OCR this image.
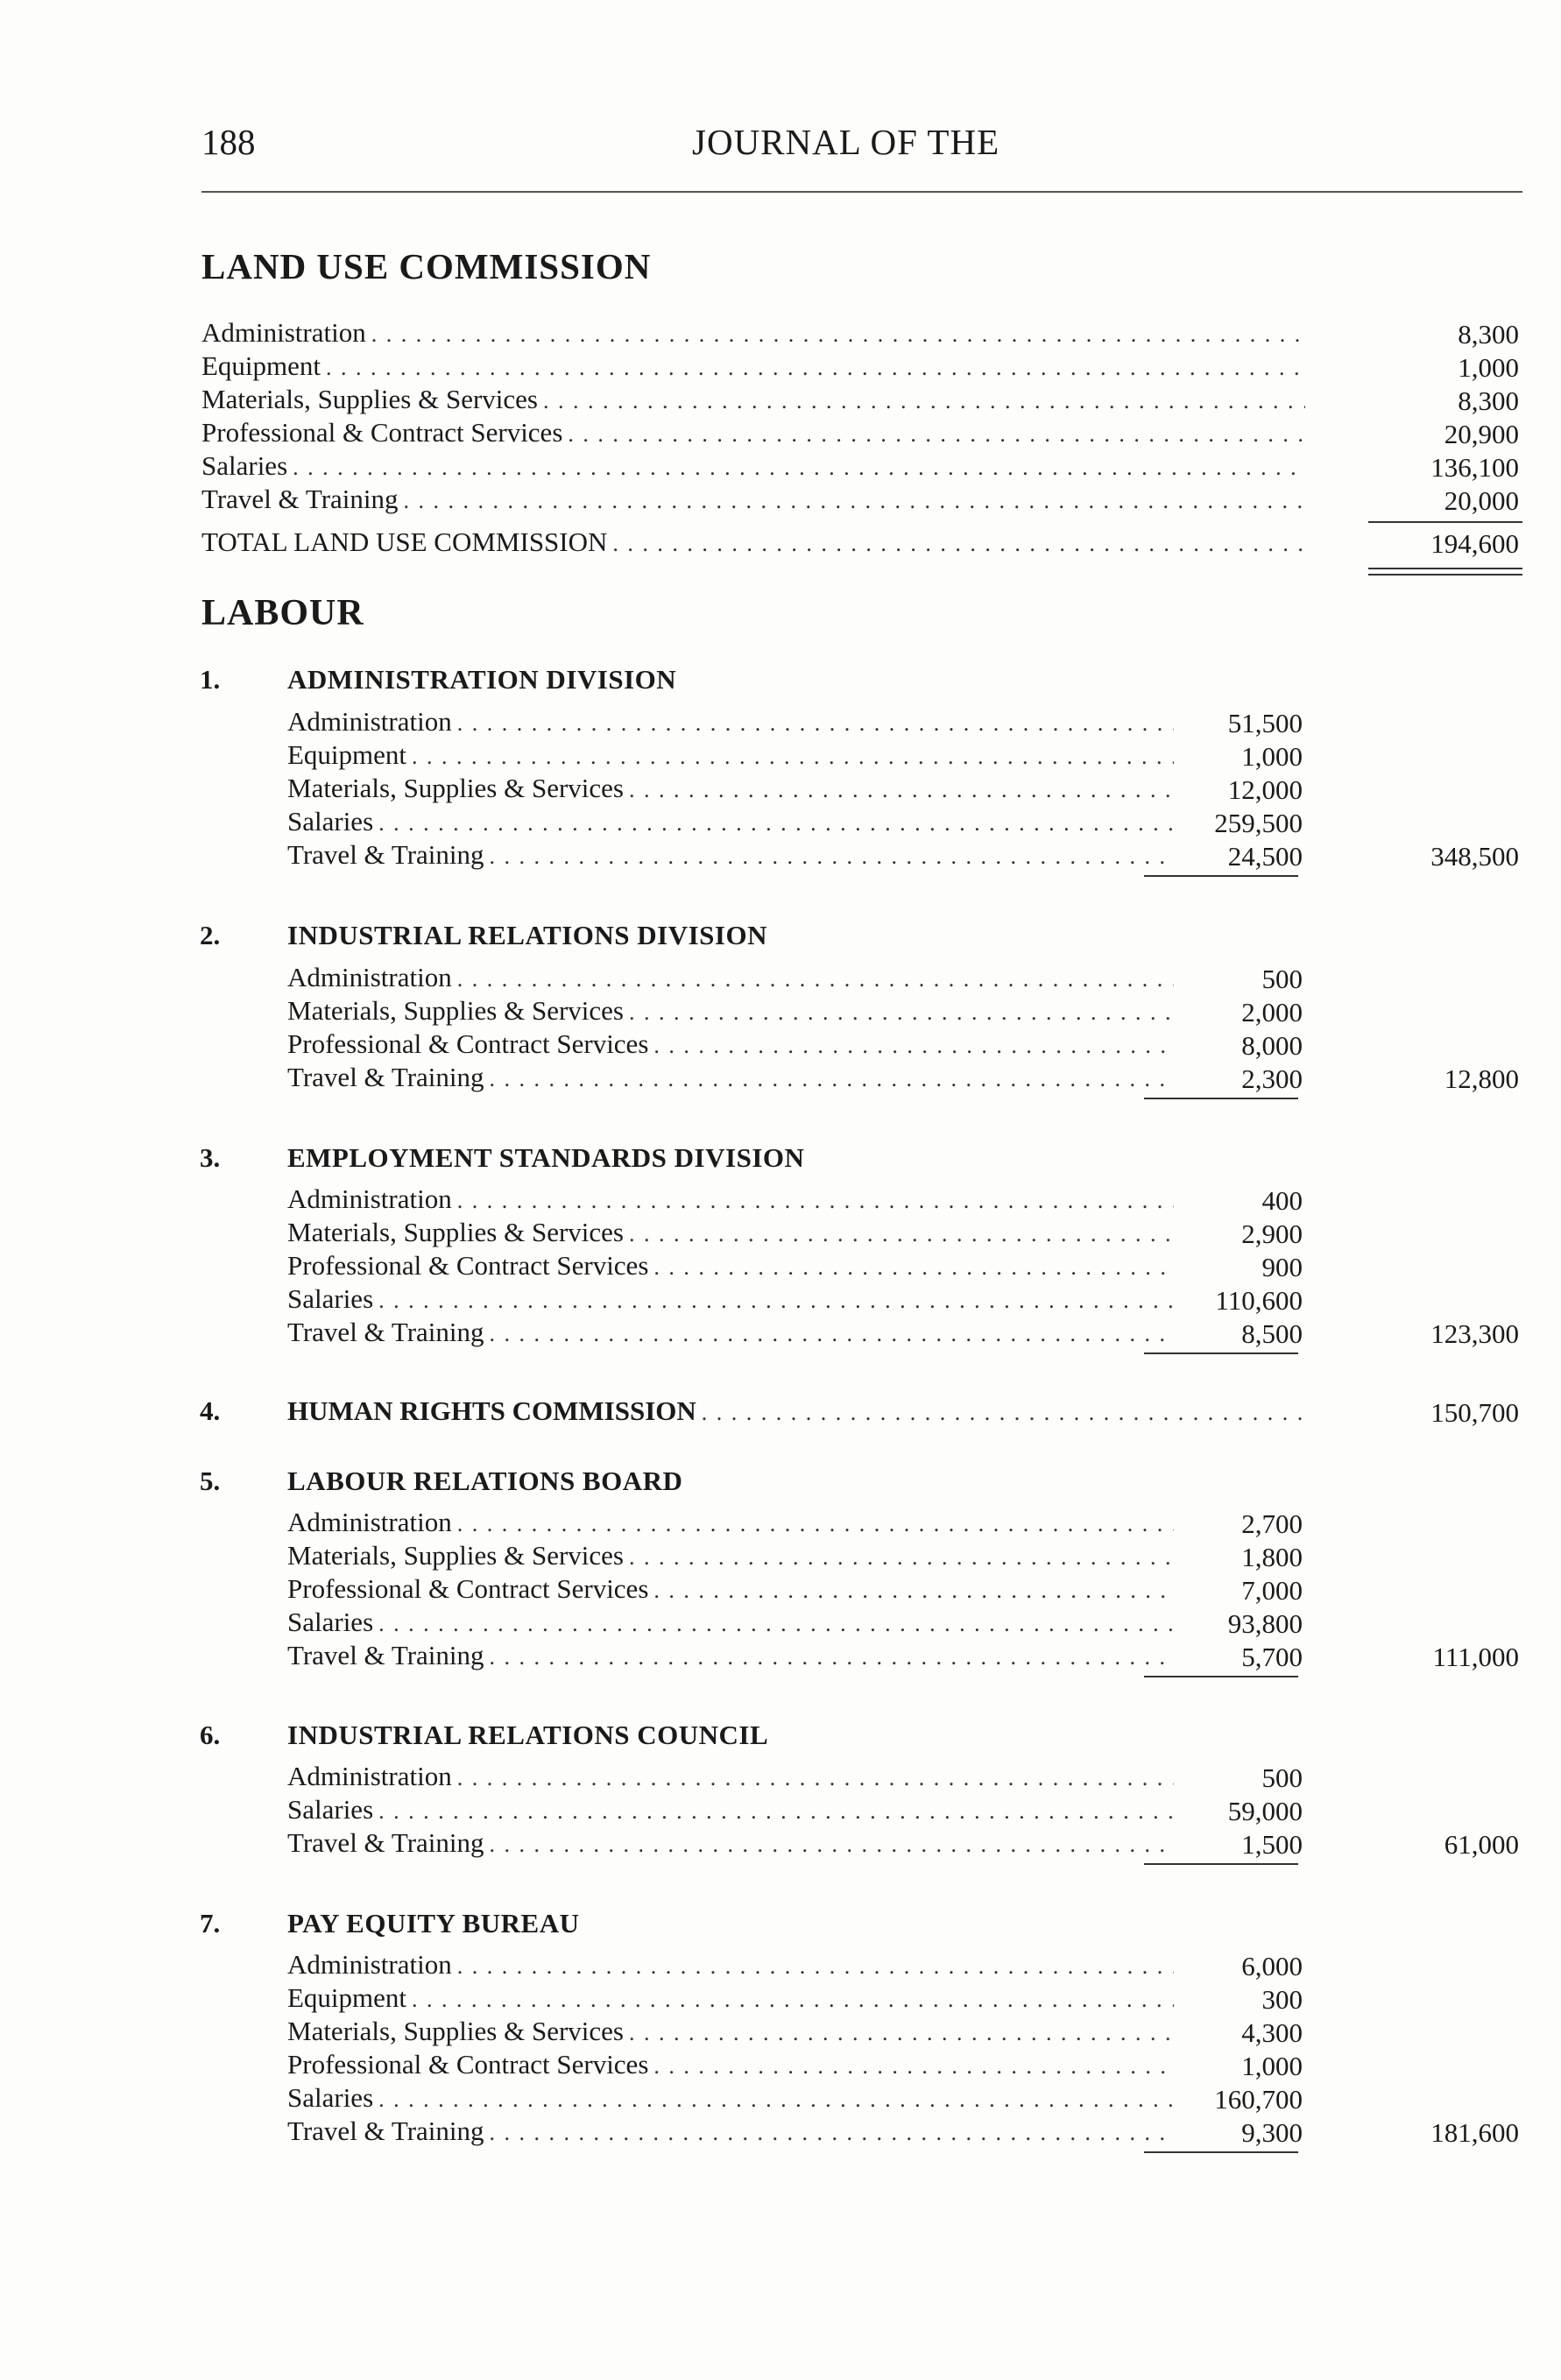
188	JOURNAL OF THE
LAND USE COMMISSION
Administration . . .	8,300
Equipment . . .	1,000
Materials, Supplies & Services . . .	8,300
Professional & Contract Services . . .	20,900
Salaries . . .	136,100
Travel & Training . . .	20,000
TOTAL LAND USE COMMISSION . . .	194,600
LABOUR
1. ADMINISTRATION DIVISION
Administration . . .	51,500
Equipment . . .	1,000
Materials, Supplies & Services . . .	12,000
Salaries . . .	259,500
Travel & Training . . .	24,500	348,500
2. INDUSTRIAL RELATIONS DIVISION
Administration . . .	500
Materials, Supplies & Services . . .	2,000
Professional & Contract Services . . .	8,000
Travel & Training . . .	2,300	12,800
3. EMPLOYMENT STANDARDS DIVISION
Administration . . .	400
Materials, Supplies & Services . . .	2,900
Professional & Contract Services . . .	900
Salaries . . .	110,600
Travel & Training . . .	8,500	123,300
4. HUMAN RIGHTS COMMISSION . . .	150,700
5. LABOUR RELATIONS BOARD
Administration . . .	2,700
Materials, Supplies & Services . . .	1,800
Professional & Contract Services . . .	7,000
Salaries . . .	93,800
Travel & Training . . .	5,700	111,000
6. INDUSTRIAL RELATIONS COUNCIL
Administration . . .	500
Salaries . . .	59,000
Travel & Training . . .	1,500	61,000
7. PAY EQUITY BUREAU
Administration . . .	6,000
Equipment . . .	300
Materials, Supplies & Services . . .	4,300
Professional & Contract Services . . .	1,000
Salaries . . .	160,700
Travel & Training . . .	9,300	181,600
